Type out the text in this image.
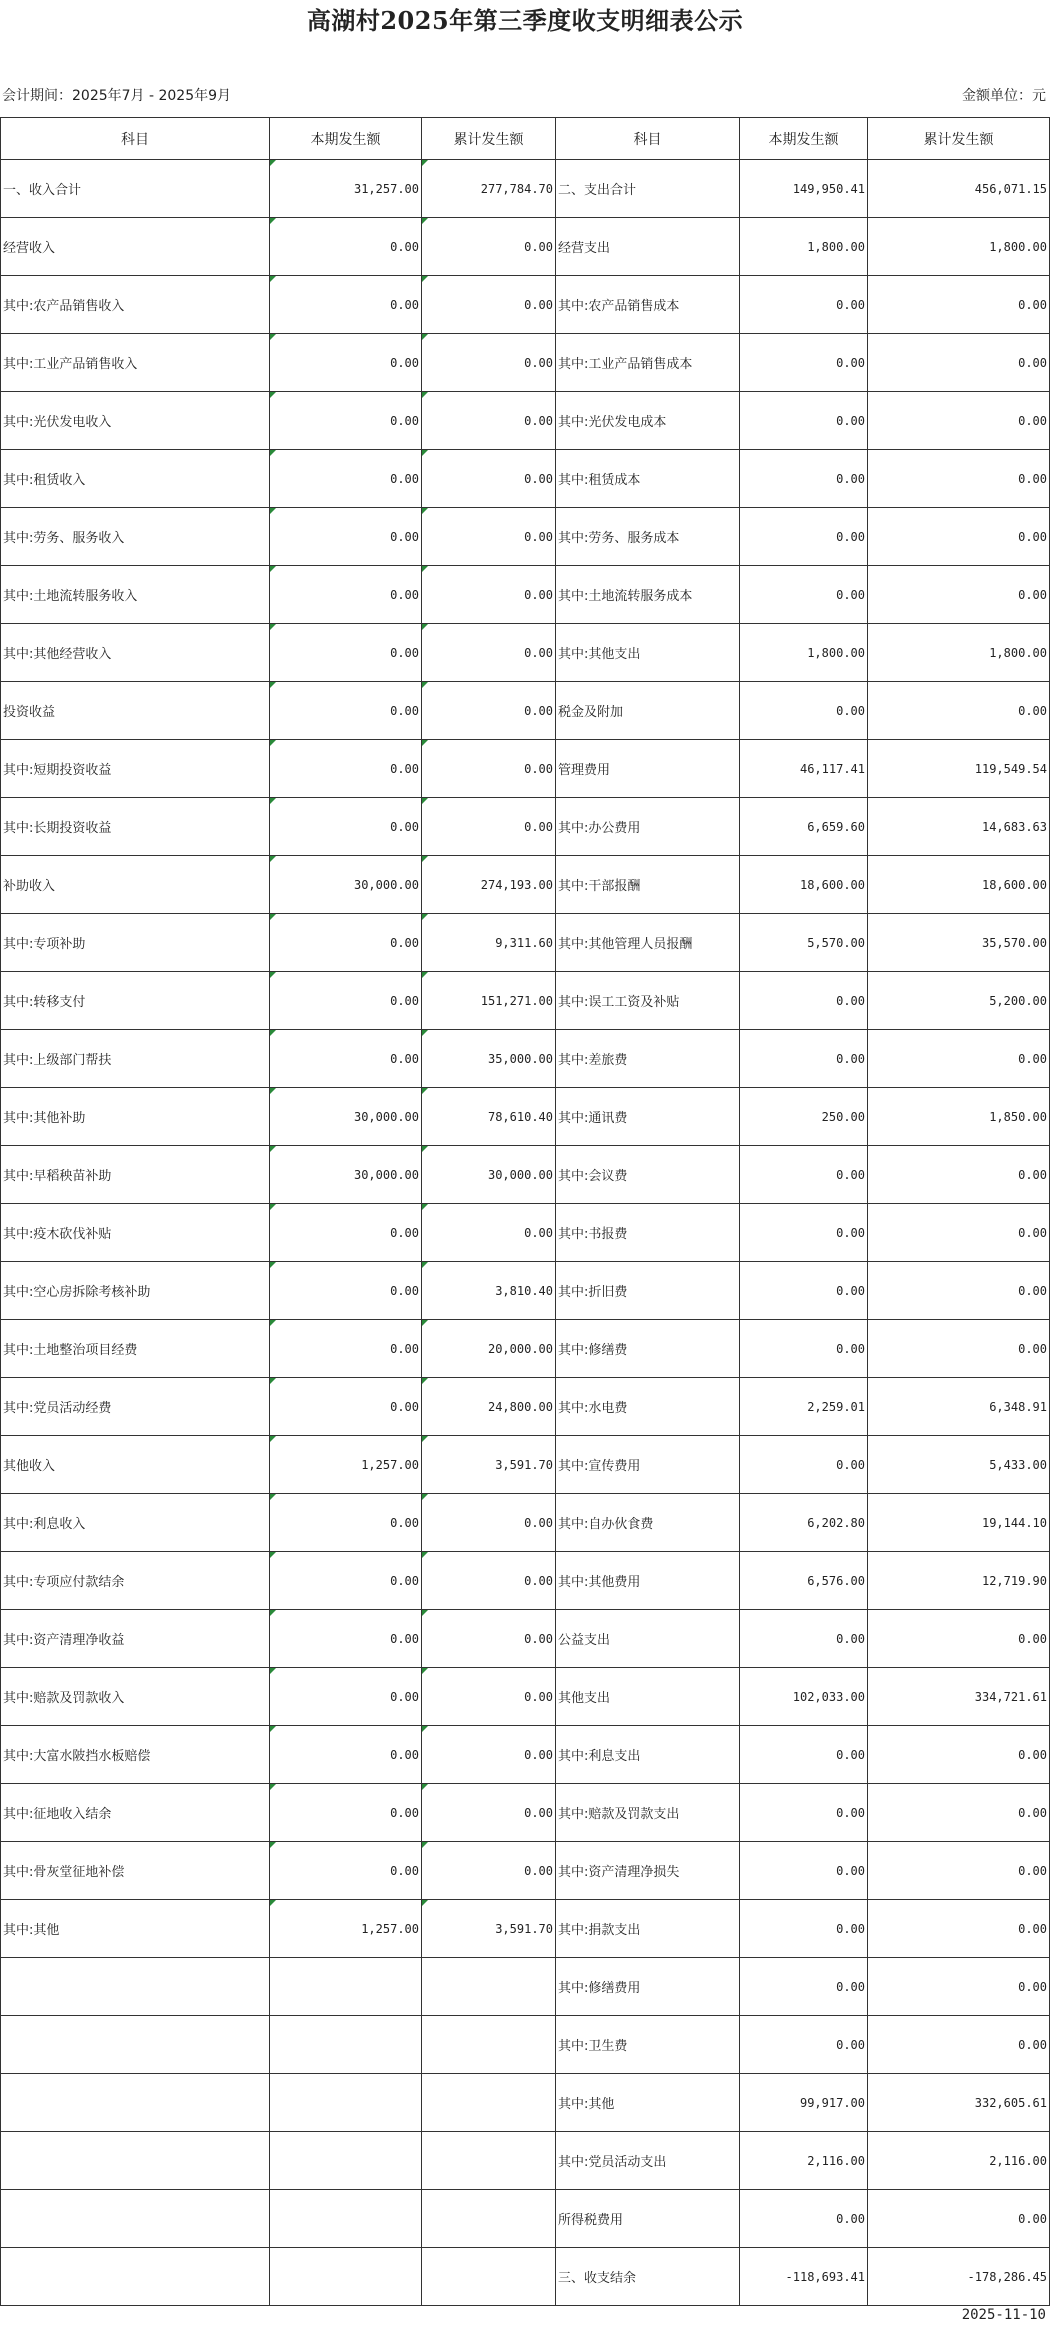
高湖村2025年第三季度收支明细表公示
会计期间：2025年7月 - 2025年9月	金额单位：元
科目	本期发生额	累计发生额	科目	本期发生额	累计发生额
一、收入合计	31,257.00	277,784.70	二、支出合计	149,950.41	456,071.15
经营收入	0.00	0.00	经营支出	1,800.00	1,800.00
其中:农产品销售收入	0.00	0.00	其中:农产品销售成本	0.00	0.00
其中:工业产品销售收入	0.00	0.00	其中:工业产品销售成本	0.00	0.00
其中:光伏发电收入	0.00	0.00	其中:光伏发电成本	0.00	0.00
其中:租赁收入	0.00	0.00	其中:租赁成本	0.00	0.00
其中:劳务、服务收入	0.00	0.00	其中:劳务、服务成本	0.00	0.00
其中:土地流转服务收入	0.00	0.00	其中:土地流转服务成本	0.00	0.00
其中:其他经营收入	0.00	0.00	其中:其他支出	1,800.00	1,800.00
投资收益	0.00	0.00	税金及附加	0.00	0.00
其中:短期投资收益	0.00	0.00	管理费用	46,117.41	119,549.54
其中:长期投资收益	0.00	0.00	其中:办公费用	6,659.60	14,683.63
补助收入	30,000.00	274,193.00	其中:干部报酬	18,600.00	18,600.00
其中:专项补助	0.00	9,311.60	其中:其他管理人员报酬	5,570.00	35,570.00
其中:转移支付	0.00	151,271.00	其中:误工工资及补贴	0.00	5,200.00
其中:上级部门帮扶	0.00	35,000.00	其中:差旅费	0.00	0.00
其中:其他补助	30,000.00	78,610.40	其中:通讯费	250.00	1,850.00
其中:早稻秧苗补助	30,000.00	30,000.00	其中:会议费	0.00	0.00
其中:疫木砍伐补贴	0.00	0.00	其中:书报费	0.00	0.00
其中:空心房拆除考核补助	0.00	3,810.40	其中:折旧费	0.00	0.00
其中:土地整治项目经费	0.00	20,000.00	其中:修缮费	0.00	0.00
其中:党员活动经费	0.00	24,800.00	其中:水电费	2,259.01	6,348.91
其他收入	1,257.00	3,591.70	其中:宣传费用	0.00	5,433.00
其中:利息收入	0.00	0.00	其中:自办伙食费	6,202.80	19,144.10
其中:专项应付款结余	0.00	0.00	其中:其他费用	6,576.00	12,719.90
其中:资产清理净收益	0.00	0.00	公益支出	0.00	0.00
其中:赔款及罚款收入	0.00	0.00	其他支出	102,033.00	334,721.61
其中:大富水陂挡水板赔偿	0.00	0.00	其中:利息支出	0.00	0.00
其中:征地收入结余	0.00	0.00	其中:赔款及罚款支出	0.00	0.00
其中:骨灰堂征地补偿	0.00	0.00	其中:资产清理净损失	0.00	0.00
其中:其他	1,257.00	3,591.70	其中:捐款支出	0.00	0.00
			其中:修缮费用	0.00	0.00
			其中:卫生费	0.00	0.00
			其中:其他	99,917.00	332,605.61
			其中:党员活动支出	2,116.00	2,116.00
			所得税费用	0.00	0.00
			三、收支结余	-118,693.41	-178,286.45
2025-11-10
